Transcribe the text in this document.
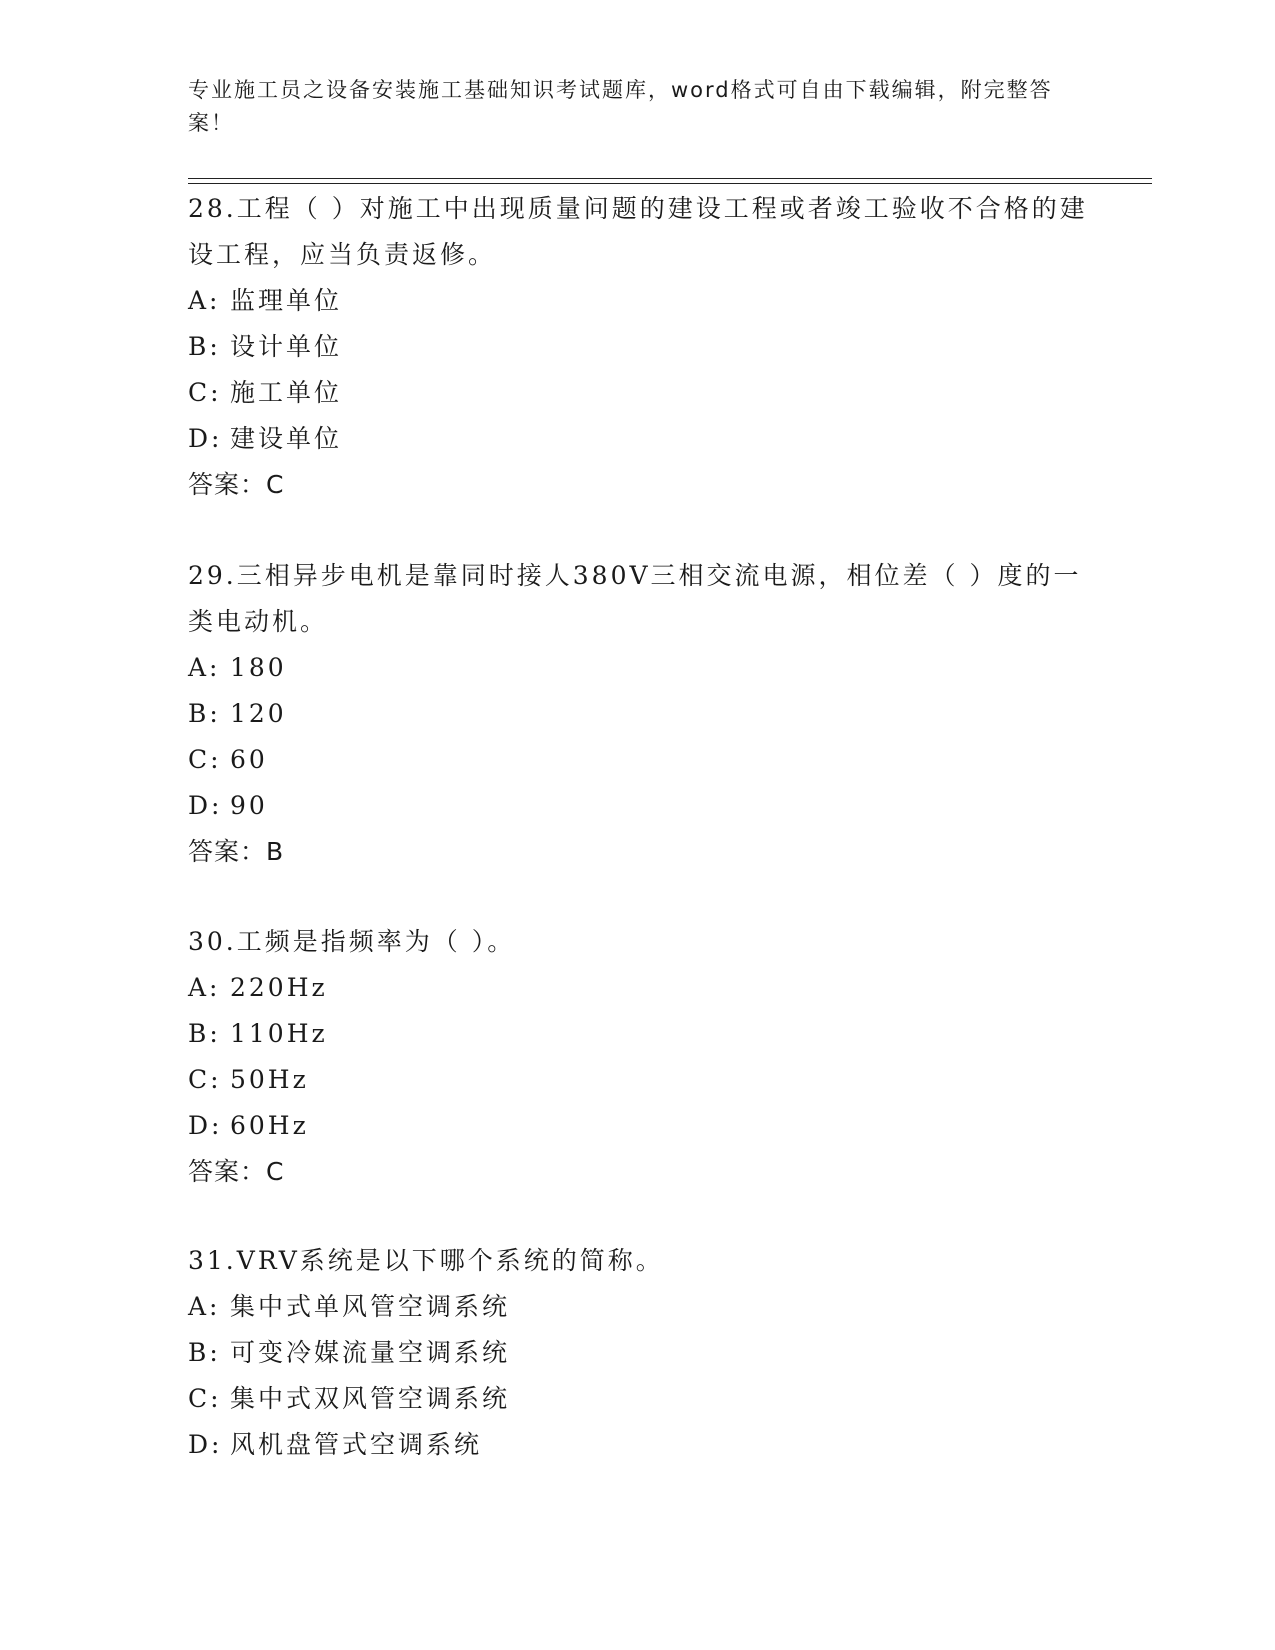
专业施工员之设备安装施工基础知识考试题库，word格式可自由下载编辑，附完整答案！

28.工程（ ）对施工中出现质量问题的建设工程或者竣工验收不合格的建设工程，应当负责返修。

A: 监理单位

B: 设计单位

C: 施工单位

D: 建设单位

答案：C

29.三相异步电机是靠同时接人380V三相交流电源，相位差（ ）度的一类电动机。

A: 180

B: 120

C: 60

D: 90

答案：B

30.工频是指频率为（ ）。

A: 220Hz

B: 110Hz

C: 50Hz

D: 60Hz

答案：C

31.VRV系统是以下哪个系统的简称。

A: 集中式单风管空调系统

B: 可变冷媒流量空调系统

C: 集中式双风管空调系统

D: 风机盘管式空调系统
